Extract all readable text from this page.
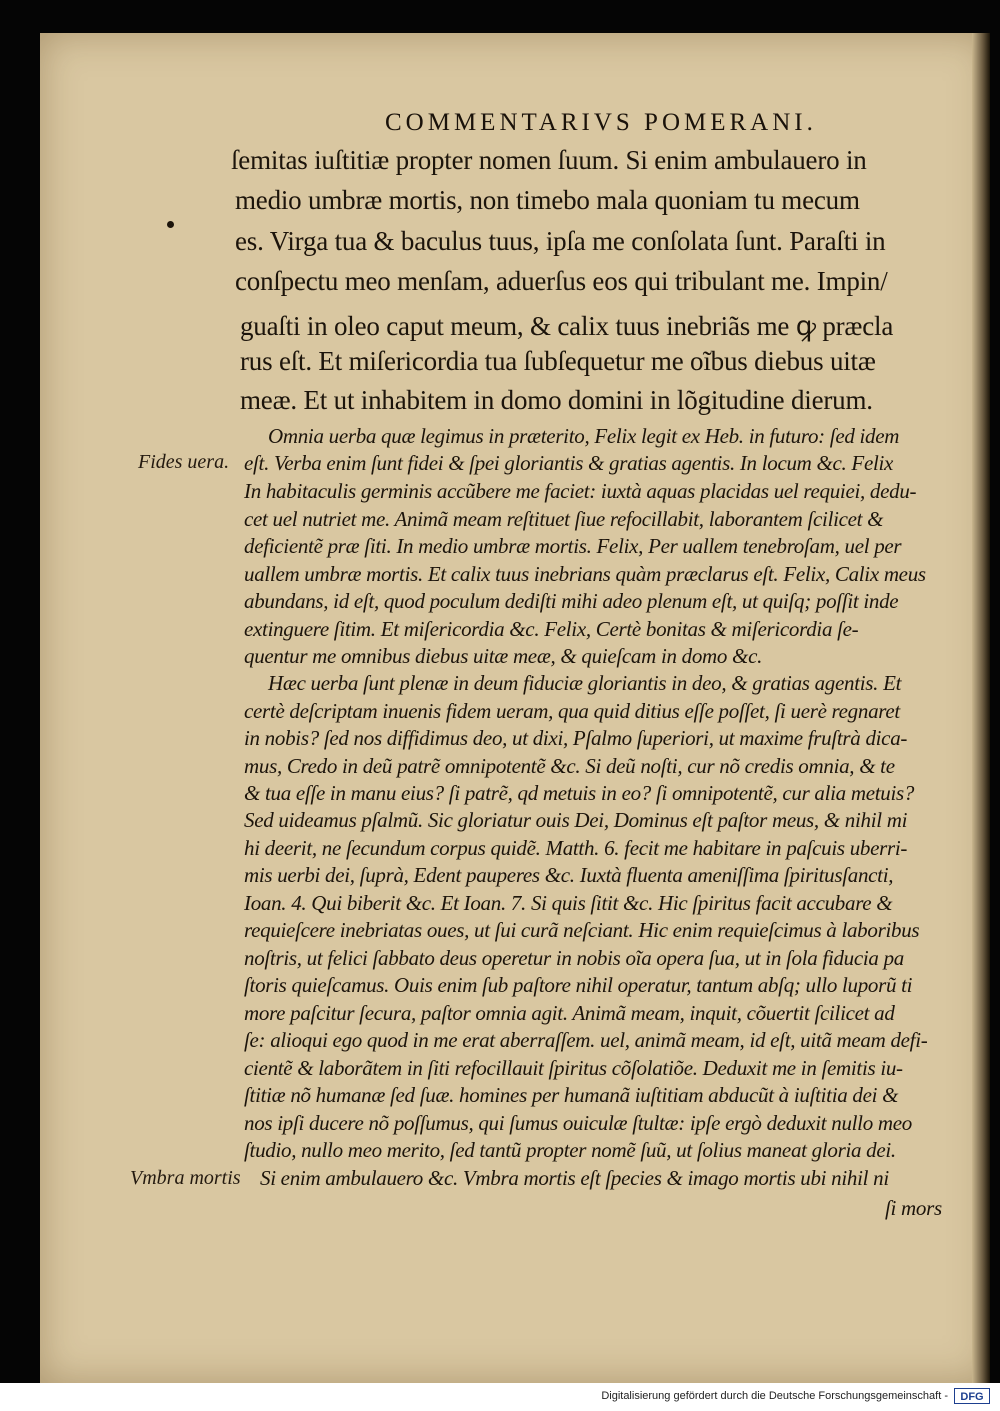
COMMENTARIVS POMERANI.
ſemitas iuſtitiæ propter nomen ſuum. Si enim ambulauero in
medio umbræ mortis, non timebo mala quoniam tu mecum
es. Virga tua & baculus tuus, ipſa me conſolata ſunt. Paraſti in
conſpectu meo menſam, aduerſus eos qui tribulant me. Impin/
guaſti in oleo caput meum, & calix tuus inebriãs me ꝙ præcla
rus eſt. Et miſericordia tua ſubſequetur me oĩbus diebus uitæ
meæ. Et ut inhabitem in domo domini in lõgitudine dierum.
Omnia uerba quæ legimus in præterito, Felix legit ex Heb. in futuro: ſed idem
eſt. Verba enim ſunt fidei & ſpei gloriantis & gratias agentis. In locum &c. Felix
In habitaculis germinis accũbere me faciet: iuxtà aquas placidas uel requiei, dedu-
cet uel nutriet me. Animã meam reſtituet ſiue refocillabit, laborantem ſcilicet &
deficientẽ præ ſiti. In medio umbræ mortis. Felix, Per uallem tenebroſam, uel per
uallem umbræ mortis. Et calix tuus inebrians quàm præclarus eſt. Felix, Calix meus
abundans, id eſt, quod poculum dediſti mihi adeo plenum eſt, ut quiſq; poſſit inde
extinguere ſitim. Et miſericordia &c. Felix, Certè bonitas & miſericordia ſe-
quentur me omnibus diebus uitæ meæ, & quieſcam in domo &c.
Hæc uerba ſunt plenæ in deum fiduciæ gloriantis in deo, & gratias agentis. Et
certè deſcriptam inuenis fidem ueram, qua quid ditius eſſe poſſet, ſi uerè regnaret
in nobis? ſed nos diffidimus deo, ut dixi, Pſalmo ſuperiori, ut maxime fruſtrà dica-
mus, Credo in deũ patrẽ omnipotentẽ &c. Si deũ noſti, cur nõ credis omnia, & te
& tua eſſe in manu eius? ſi patrẽ, qd metuis in eo? ſi omnipotentẽ, cur alia metuis?
Sed uideamus pſalmũ. Sic gloriatur ouis Dei, Dominus eſt paſtor meus, & nihil mi
hi deerit, ne ſecundum corpus quidẽ. Matth. 6. fecit me habitare in paſcuis uberri-
mis uerbi dei, ſuprà, Edent pauperes &c. Iuxtà fluenta ameniſſima ſpiritusſancti,
Ioan. 4. Qui biberit &c. Et Ioan. 7. Si quis ſitit &c. Hic ſpiritus facit accubare &
requieſcere inebriatas oues, ut ſui curã neſciant. Hic enim requieſcimus à laboribus
noſtris, ut felici ſabbato deus operetur in nobis oĩa opera ſua, ut in ſola fiducia pa
ſtoris quieſcamus. Ouis enim ſub paſtore nihil operatur, tantum abſq; ullo luporũ ti
more paſcitur ſecura, paſtor omnia agit. Animã meam, inquit, cõuertit ſcilicet ad
ſe: alioqui ego quod in me erat aberraſſem. uel, animã meam, id eſt, uitã meam defi-
cientẽ & laborãtem in ſiti refocillauit ſpiritus cõſolatiõe. Deduxit me in ſemitis iu-
ſtitiæ nõ humanæ ſed ſuæ. homines per humanã iuſtitiam abducũt à iuſtitia dei &
nos ipſi ducere nõ poſſumus, qui ſumus ouiculæ ſtultæ: ipſe ergò deduxit nullo meo
ſtudio, nullo meo merito, ſed tantũ propter nomẽ ſuũ, ut ſolius maneat gloria dei.
Si enim ambulauero &c. Vmbra mortis eſt ſpecies & imago mortis ubi nihil ni
ſi mors
Fides uera.
Vmbra mortis
Digitalisierung gefördert durch die Deutsche Forschungsgemeinschaft -	DFG
